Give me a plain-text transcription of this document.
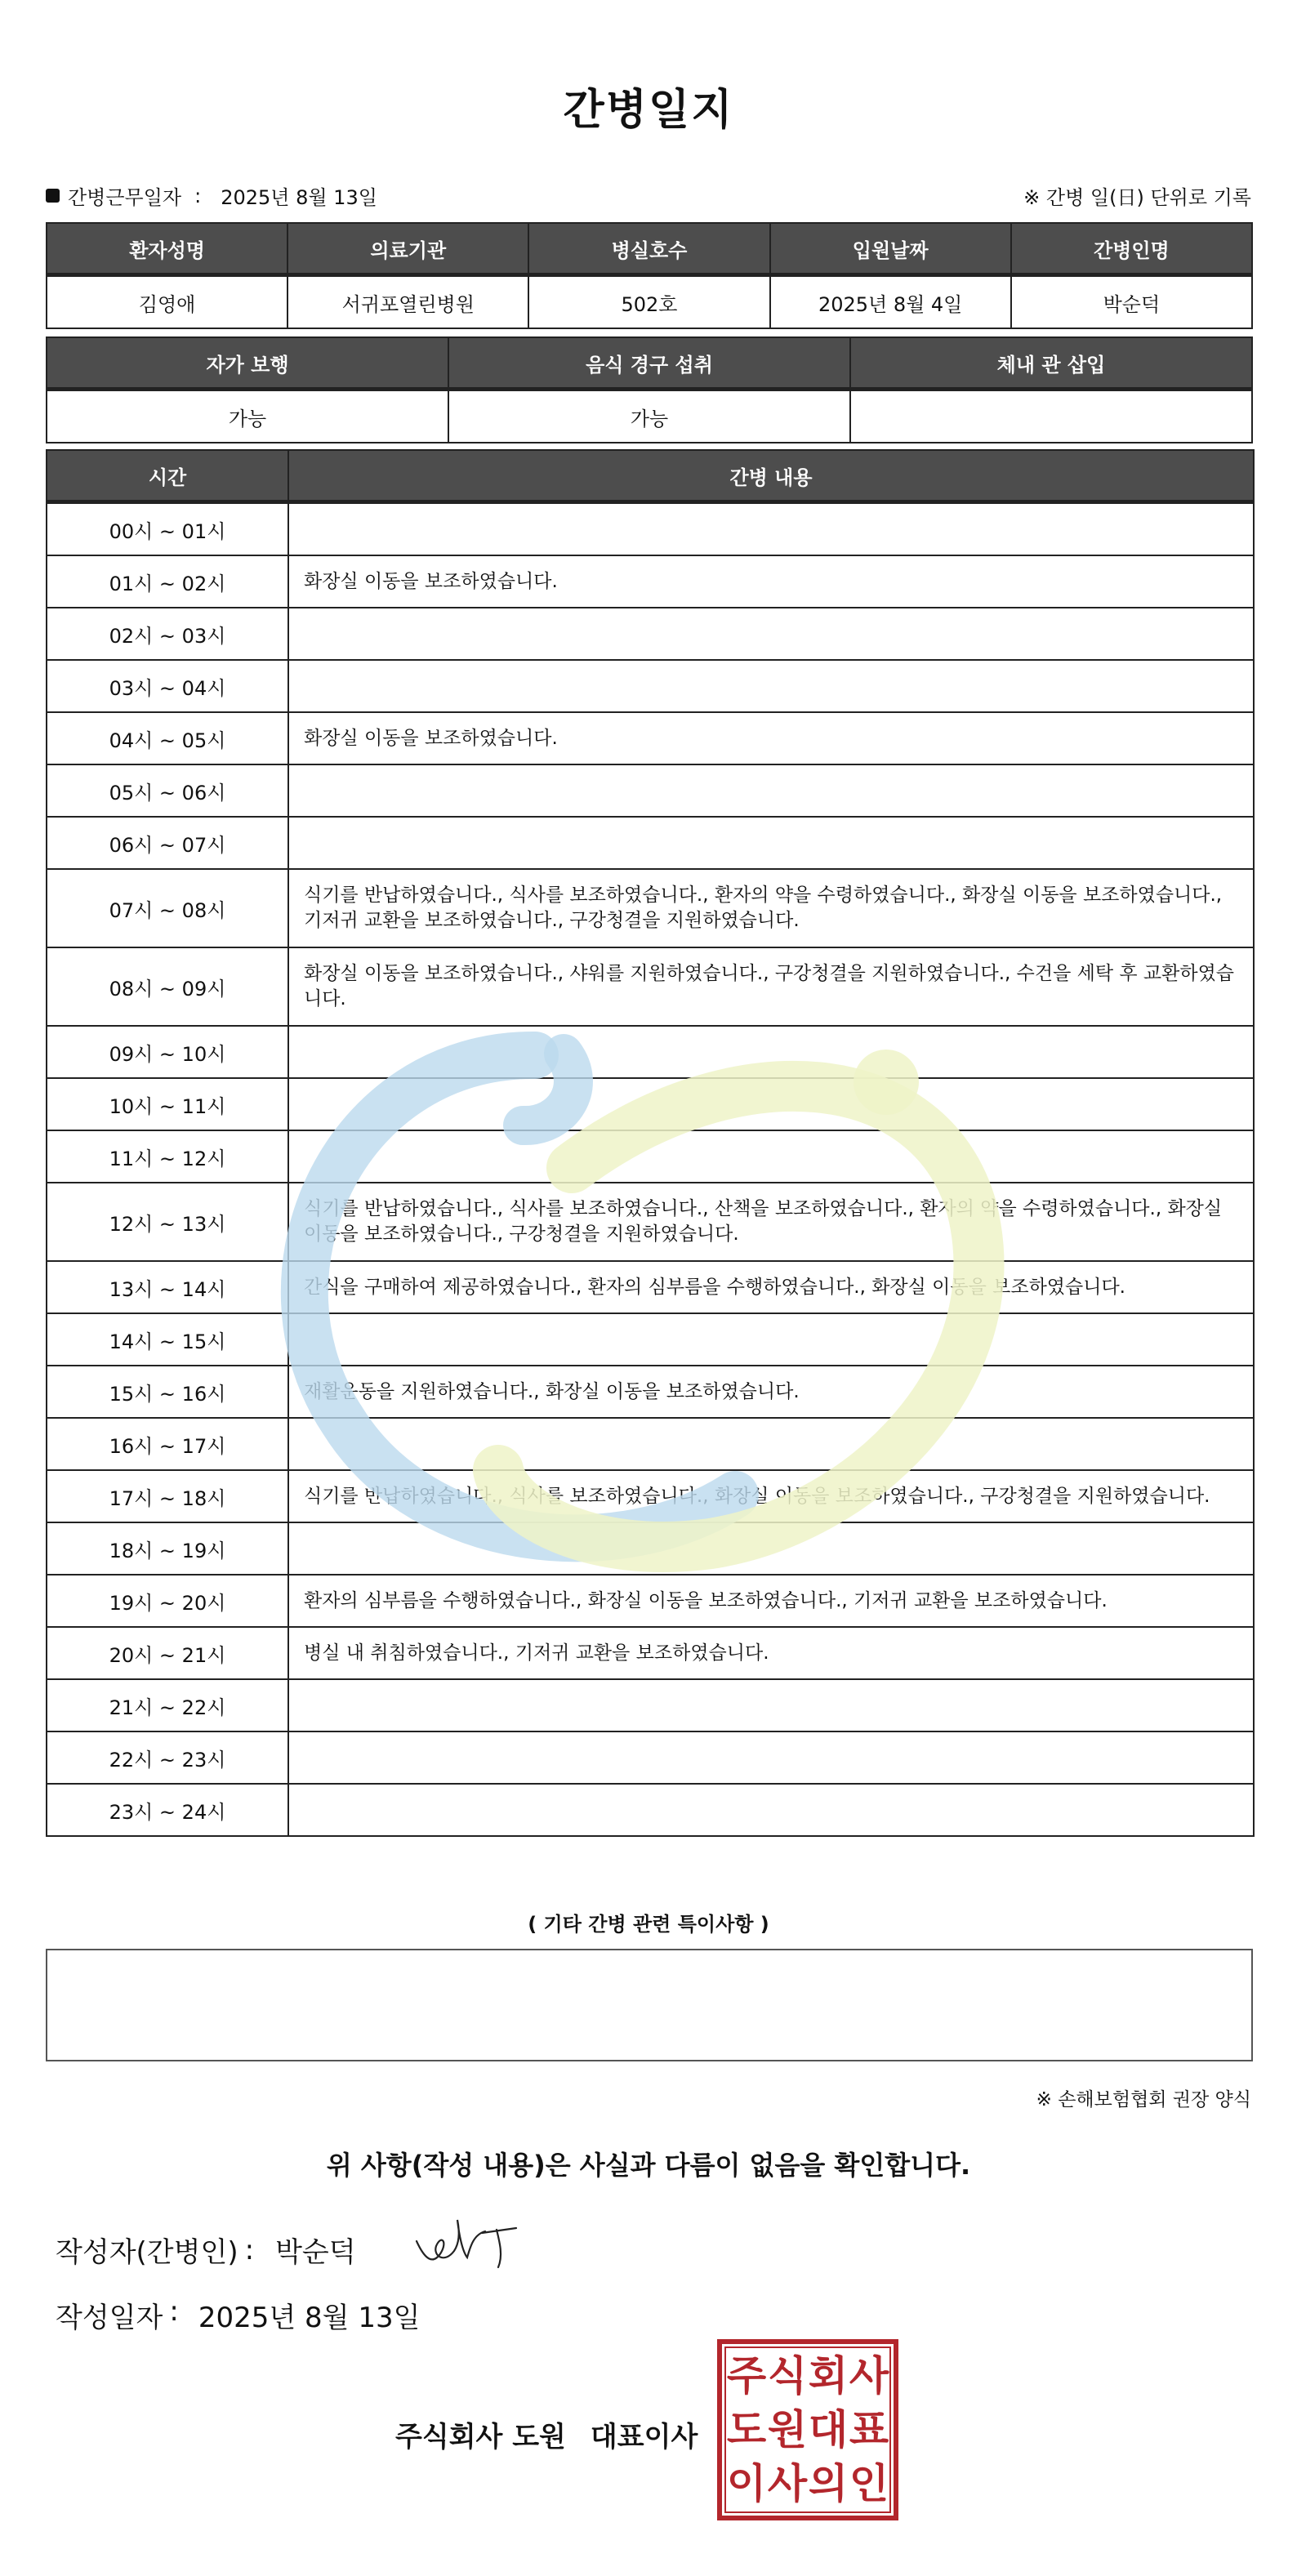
간병일지
간병근무일자 : 2025년 8월 13일	※ 간병 일(日) 단위로 기록
환자성명	의료기관	병실호수	입원날짜	간병인명
김영애	서귀포열린병원	502호	2025년 8월 4일	박순덕
자가 보행	음식 경구 섭취	체내 관 삽입
가능	가능	
시간	간병 내용
00시 ~ 01시	
01시 ~ 02시	화장실 이동을 보조하였습니다.
02시 ~ 03시	
03시 ~ 04시	
04시 ~ 05시	화장실 이동을 보조하였습니다.
05시 ~ 06시	
06시 ~ 07시	
07시 ~ 08시	식기를 반납하였습니다., 식사를 보조하였습니다., 환자의 약을 수령하였습니다., 화장실 이동을 보조하였습니다., 기저귀 교환을 보조하였습니다., 구강청결을 지원하였습니다.
08시 ~ 09시	화장실 이동을 보조하였습니다., 샤워를 지원하였습니다., 구강청결을 지원하였습니다., 수건을 세탁 후 교환하였습니다.
09시 ~ 10시	
10시 ~ 11시	
11시 ~ 12시	
12시 ~ 13시	식기를 반납하였습니다., 식사를 보조하였습니다., 산책을 보조하였습니다., 환자의 약을 수령하였습니다., 화장실 이동을 보조하였습니다., 구강청결을 지원하였습니다.
13시 ~ 14시	간식을 구매하여 제공하였습니다., 환자의 심부름을 수행하였습니다., 화장실 이동을 보조하였습니다.
14시 ~ 15시	
15시 ~ 16시	재활운동을 지원하였습니다., 화장실 이동을 보조하였습니다.
16시 ~ 17시	
17시 ~ 18시	식기를 반납하였습니다., 식사를 보조하였습니다., 화장실 이동을 보조하였습니다., 구강청결을 지원하였습니다.
18시 ~ 19시	
19시 ~ 20시	환자의 심부름을 수행하였습니다., 화장실 이동을 보조하였습니다., 기저귀 교환을 보조하였습니다.
20시 ~ 21시	병실 내 취침하였습니다., 기저귀 교환을 보조하였습니다.
21시 ~ 22시	
22시 ~ 23시	
23시 ~ 24시	
( 기타 간병 관련 특이사항 )
※ 손해보험협회 권장 양식
위 사항(작성 내용)은 사실과 다름이 없음을 확인합니다.
작성자(간병인) : 박순덕
작성일자 : 2025년 8월 13일
주식회사 도원 대표이사
주 식 회 사
도 원 대 표
이 사 의 인
